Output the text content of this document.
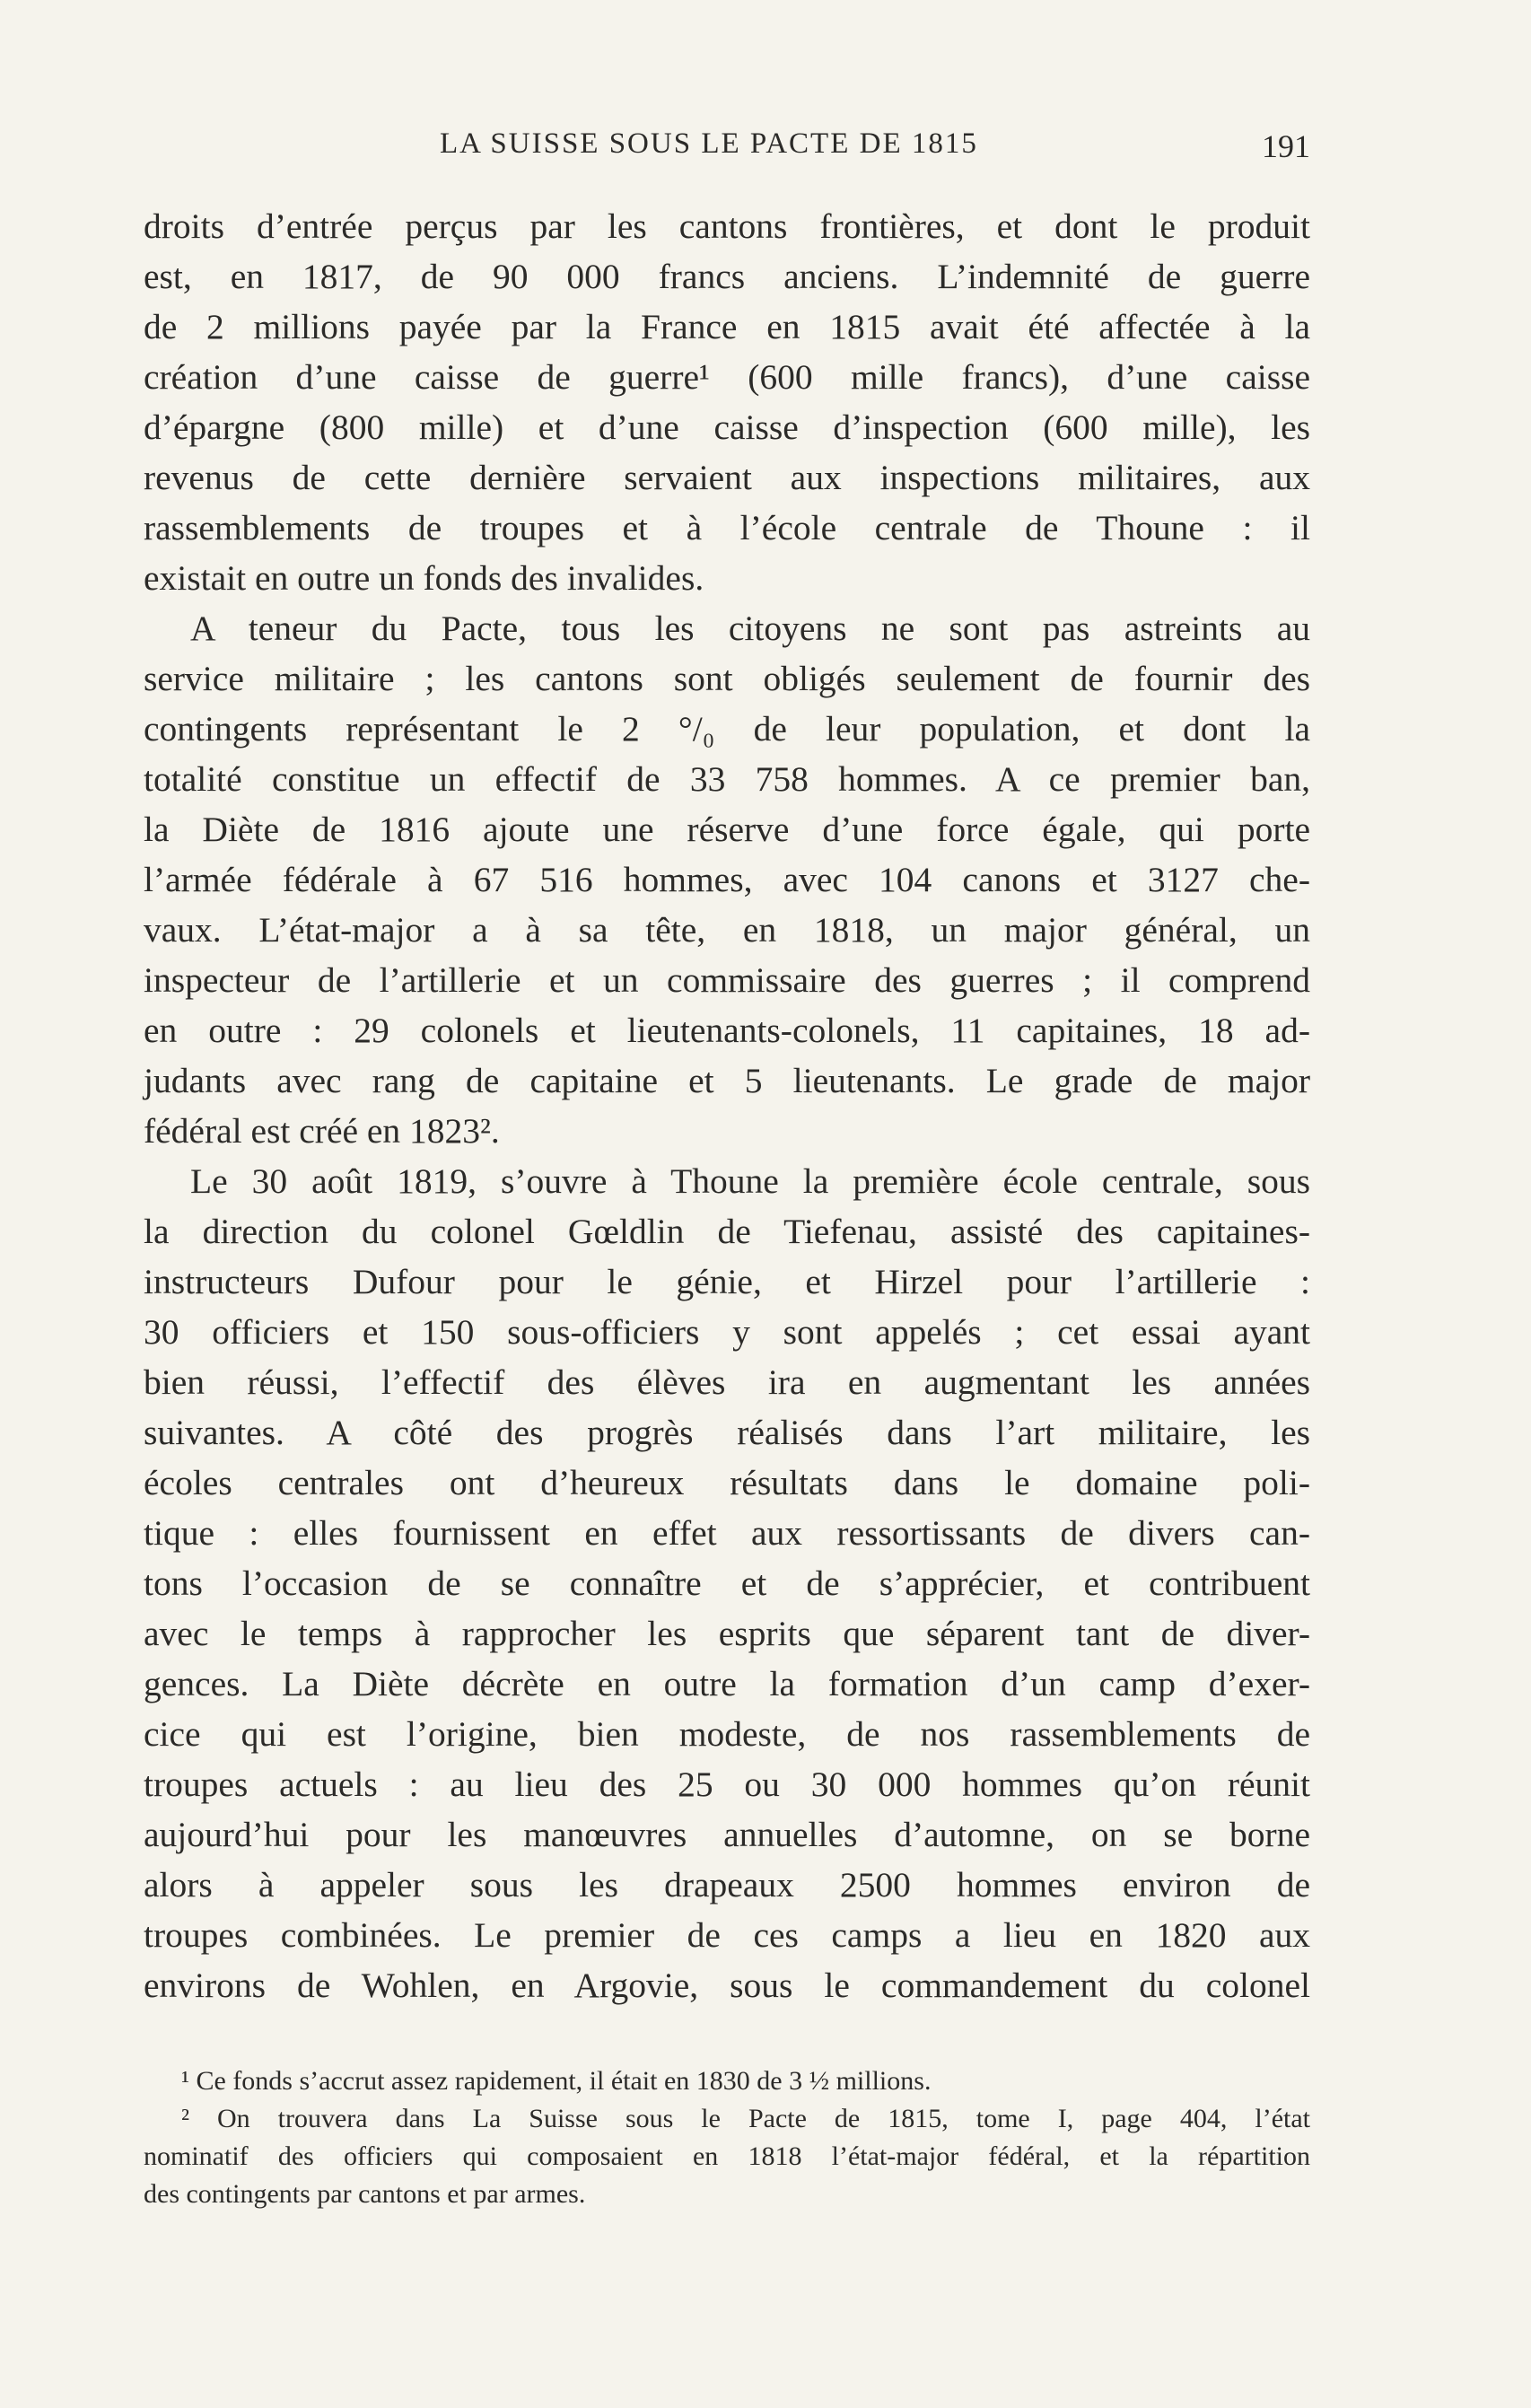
LA SUISSE SOUS LE PACTE DE 1815	191
droits d’entrée perçus par les cantons frontières, et dont le produit
est, en 1817, de 90 000 francs anciens. L’indemnité de guerre
de 2 millions payée par la France en 1815 avait été affectée à la
création d’une caisse de guerre¹ (600 mille francs), d’une caisse
d’épargne (800 mille) et d’une caisse d’inspection (600 mille), les
revenus de cette dernière servaient aux inspections militaires, aux
rassemblements de troupes et à l’école centrale de Thoune : il
existait en outre un fonds des invalides.
A teneur du Pacte, tous les citoyens ne sont pas astreints au
service militaire ; les cantons sont obligés seulement de fournir des
contingents représentant le 2 °/₀ de leur population, et dont la
totalité constitue un effectif de 33 758 hommes. A ce premier ban,
la Diète de 1816 ajoute une réserve d’une force égale, qui porte
l’armée fédérale à 67 516 hommes, avec 104 canons et 3127 che-
vaux. L’état-major a à sa tête, en 1818, un major général, un
inspecteur de l’artillerie et un commissaire des guerres ; il comprend
en outre : 29 colonels et lieutenants-colonels, 11 capitaines, 18 ad-
judants avec rang de capitaine et 5 lieutenants. Le grade de major
fédéral est créé en 1823².
Le 30 août 1819, s’ouvre à Thoune la première école centrale, sous
la direction du colonel Gœldlin de Tiefenau, assisté des capitaines-
instructeurs Dufour pour le génie, et Hirzel pour l’artillerie :
30 officiers et 150 sous-officiers y sont appelés ; cet essai ayant
bien réussi, l’effectif des élèves ira en augmentant les années
suivantes. A côté des progrès réalisés dans l’art militaire, les
écoles centrales ont d’heureux résultats dans le domaine poli-
tique : elles fournissent en effet aux ressortissants de divers can-
tons l’occasion de se connaître et de s’apprécier, et contribuent
avec le temps à rapprocher les esprits que séparent tant de diver-
gences. La Diète décrète en outre la formation d’un camp d’exer-
cice qui est l’origine, bien modeste, de nos rassemblements de
troupes actuels : au lieu des 25 ou 30 000 hommes qu’on réunit
aujourd’hui pour les manœuvres annuelles d’automne, on se borne
alors à appeler sous les drapeaux 2500 hommes environ de
troupes combinées. Le premier de ces camps a lieu en 1820 aux
environs de Wohlen, en Argovie, sous le commandement du colonel
¹ Ce fonds s’accrut assez rapidement, il était en 1830 de 3 ½ millions.
² On trouvera dans La Suisse sous le Pacte de 1815, tome I, page 404, l’état
nominatif des officiers qui composaient en 1818 l’état-major fédéral, et la répartition
des contingents par cantons et par armes.
